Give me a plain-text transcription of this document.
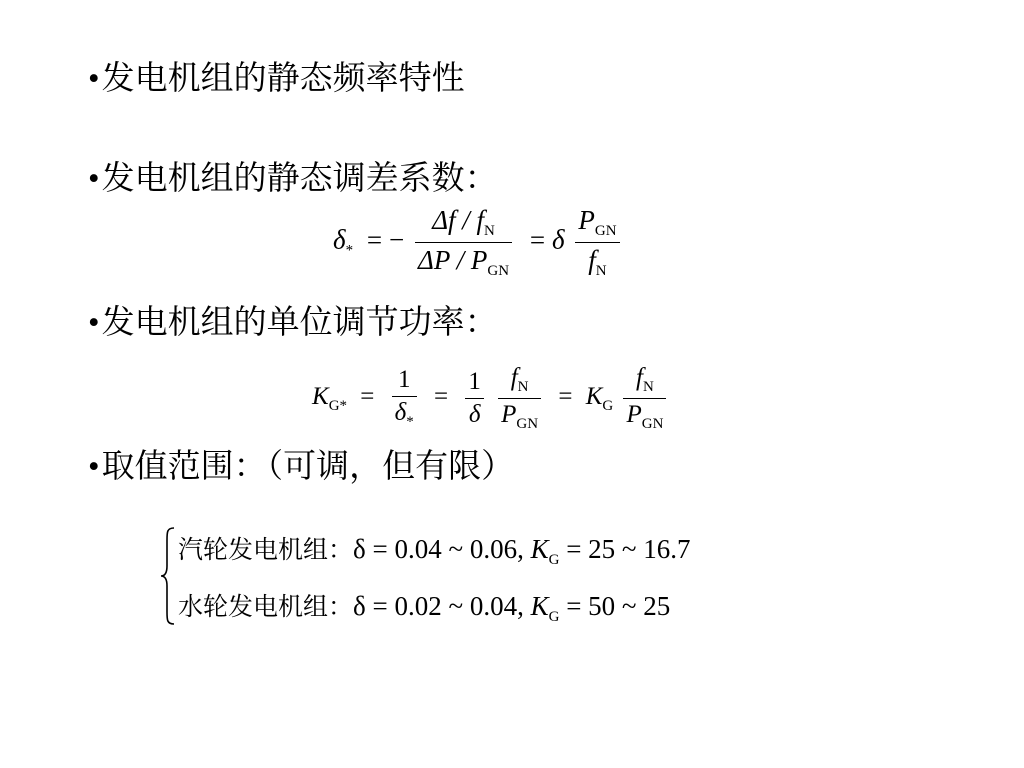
•发电机组的静态频率特性
•发电机组的静态调差系数：
$\delta_*$ = − $\frac{\Delta f / f_N}{\Delta P / P_{GN}} = \delta \frac{P_{GN}}{f_N}$
•发电机组的单位调节功率：
$K_{G*} = \frac{1}{\delta_*} = \frac{1}{\delta}$
$\frac{f_N}{P_{GN}} = K_G \frac{f_N}{P_{GN}}$
•取值范围：（可调，但有限）
汽轮发电机组：δ = 0.04 ~ 0.06, $K_G = 25$ ~ 16.7
水轮发电机组：δ = 0.02 ~ 0.04, $K_G = 50$ ~ 25
